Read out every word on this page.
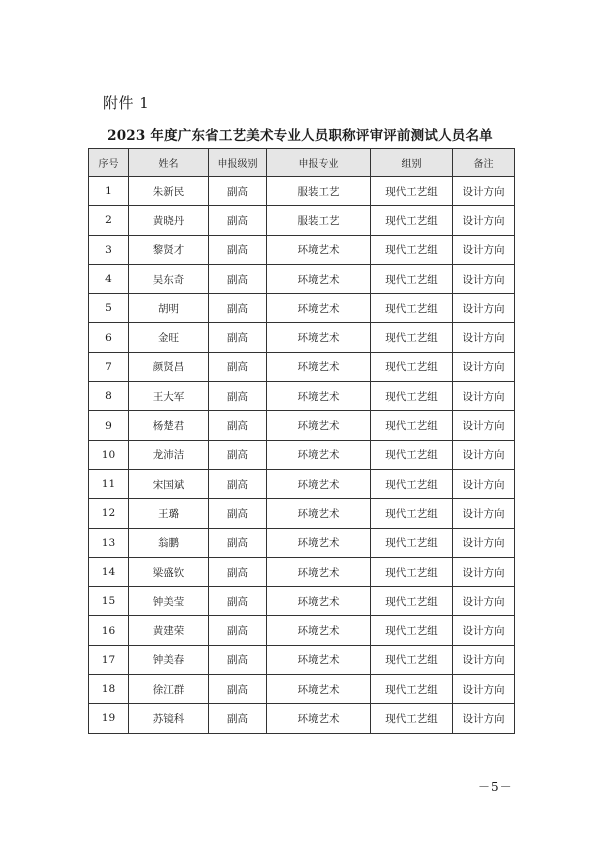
附件 1
2023 年度广东省工艺美术专业人员职称评审评前测试人员名单
序号	姓名	申报级别	申报专业	组别	备注
1	朱新民	副高	服装工艺	现代工艺组	设计方向
2	黄晓丹	副高	服装工艺	现代工艺组	设计方向
3	黎贤才	副高	环境艺术	现代工艺组	设计方向
4	吴东奇	副高	环境艺术	现代工艺组	设计方向
5	胡明	副高	环境艺术	现代工艺组	设计方向
6	金旺	副高	环境艺术	现代工艺组	设计方向
7	颜贤昌	副高	环境艺术	现代工艺组	设计方向
8	王大军	副高	环境艺术	现代工艺组	设计方向
9	杨楚君	副高	环境艺术	现代工艺组	设计方向
10	龙沛洁	副高	环境艺术	现代工艺组	设计方向
11	宋国斌	副高	环境艺术	现代工艺组	设计方向
12	王璐	副高	环境艺术	现代工艺组	设计方向
13	翁鹏	副高	环境艺术	现代工艺组	设计方向
14	梁盛钦	副高	环境艺术	现代工艺组	设计方向
15	钟美莹	副高	环境艺术	现代工艺组	设计方向
16	黄建荣	副高	环境艺术	现代工艺组	设计方向
17	钟美春	副高	环境艺术	现代工艺组	设计方向
18	徐江群	副高	环境艺术	现代工艺组	设计方向
19	苏镜科	副高	环境艺术	现代工艺组	设计方向
－5－
